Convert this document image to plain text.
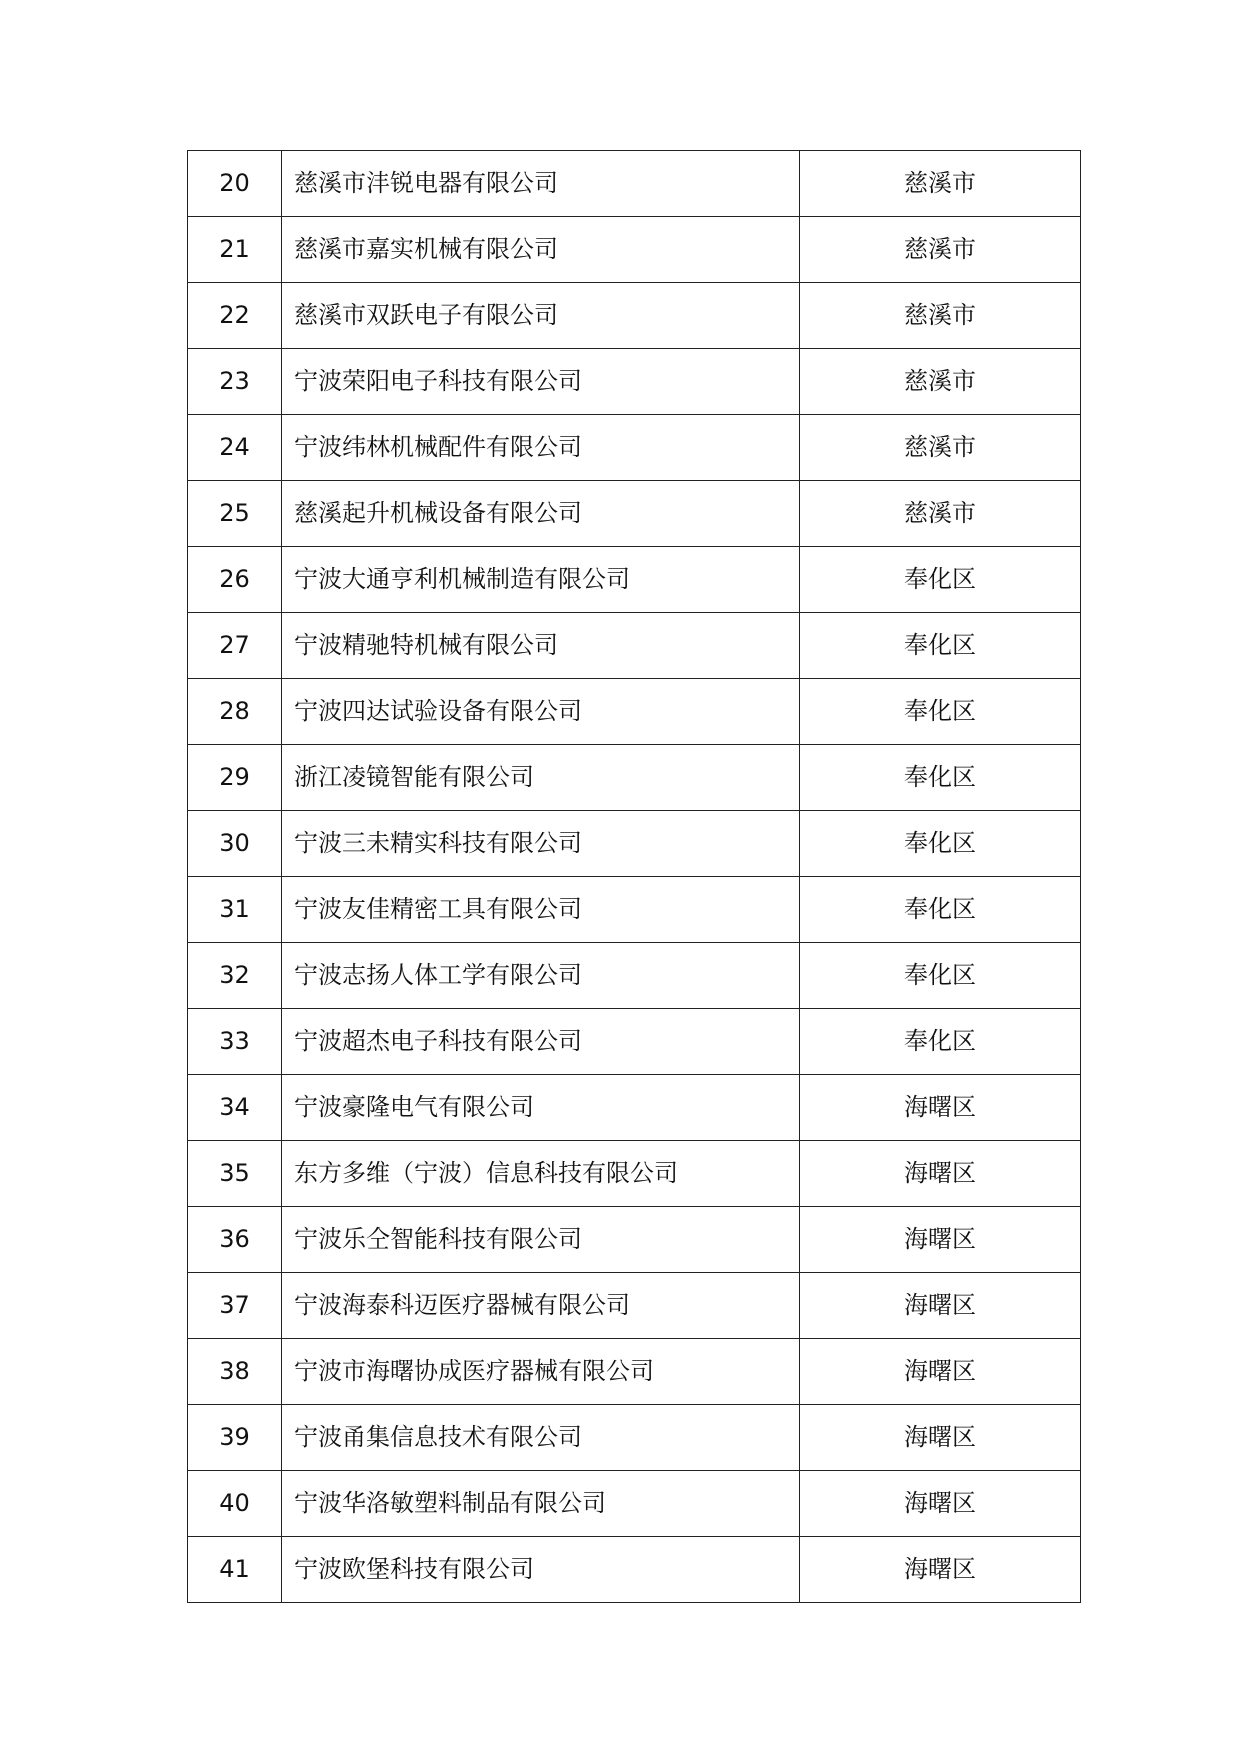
20	慈溪市沣锐电器有限公司	慈溪市
21	慈溪市嘉实机械有限公司	慈溪市
22	慈溪市双跃电子有限公司	慈溪市
23	宁波荣阳电子科技有限公司	慈溪市
24	宁波纬林机械配件有限公司	慈溪市
25	慈溪起升机械设备有限公司	慈溪市
26	宁波大通亨利机械制造有限公司	奉化区
27	宁波精驰特机械有限公司	奉化区
28	宁波四达试验设备有限公司	奉化区
29	浙江凌镜智能有限公司	奉化区
30	宁波三未精实科技有限公司	奉化区
31	宁波友佳精密工具有限公司	奉化区
32	宁波志扬人体工学有限公司	奉化区
33	宁波超杰电子科技有限公司	奉化区
34	宁波豪隆电气有限公司	海曙区
35	东方多维（宁波）信息科技有限公司	海曙区
36	宁波乐仝智能科技有限公司	海曙区
37	宁波海泰科迈医疗器械有限公司	海曙区
38	宁波市海曙协成医疗器械有限公司	海曙区
39	宁波甬集信息技术有限公司	海曙区
40	宁波华洛敏塑料制品有限公司	海曙区
41	宁波欧堡科技有限公司	海曙区
